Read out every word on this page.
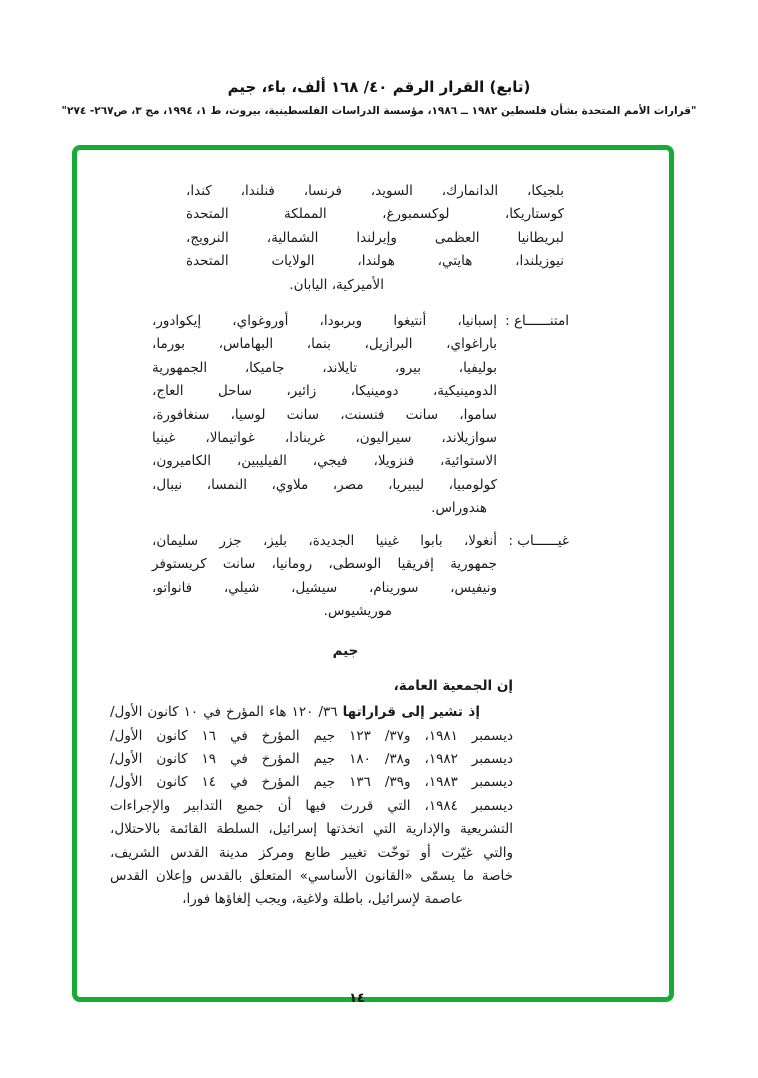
(تابع) القرار الرقم ٤٠/ ١٦٨ ألف، باء، جيم
"قرارات الأمم المتحدة بشأن فلسطين ١٩٨٢ ــ ١٩٨٦، مؤسسة الدراسات الفلسطينية، بيروت، ط ١، ١٩٩٤، مج ٣، ص٢٦٧- ٢٧٤"
بلجيكا، الدانمارك، السويد، فرنسا، فنلندا، كندا،
كوستاريكا، لوكسمبورغ، المملكة المتحدة
لبريطانيا العظمى وإيرلندا الشمالية، النرويج،
نيوزيلندا، هايتي، هولندا، الولايات المتحدة
الأميركية، اليابان.
امتنــــــاع :
إسبانيا، أنتيغوا وبربودا، أوروغواي، إيكوادور،
باراغواي، البرازيل، بنما، البهاماس، بورما،
بوليفيا، بيرو، تايلاند، جاميكا، الجمهورية
الدومينيكية، دومينيكا، زائير، ساحل العاج،
ساموا، سانت فنسنت، سانت لوسيا، سنغافورة،
سوازيلاند، سيراليون، غرينادا، غواتيمالا، غينيا
الاستوائية، فنزويلا، فيجي، الفيليبين، الكاميرون،
كولومبيا، ليبيريا، مصر، ملاوي، النمسا، نيبال،
هندوراس.
غيــــــاب :
أنغولا، بابوا غينيا الجديدة، بليز، جزر سليمان،
جمهورية إفريقيا الوسطى، رومانيا، سانت كريستوفر
ونيفيس، سورينام، سيشيل، شيلي، فانواتو،
موريشيوس.
جيم
إن الجمعية العامة،
إذ تشير إلى قراراتها ٣٦/ ١٢٠ هاء المؤرخ في ١٠ كانون الأول/
ديسمبر ١٩٨١، و٣٧/ ١٢٣ جيم المؤرخ في ١٦ كانون الأول/
ديسمبر ١٩٨٢، و٣٨/ ١٨٠ جيم المؤرخ في ١٩ كانون الأول/
ديسمبر ١٩٨٣، و٣٩/ ١٣٦ جيم المؤرخ في ١٤ كانون الأول/
ديسمبر ١٩٨٤، التي قررت فيها أن جميع التدابير والإجراءات
التشريعية والإدارية التي اتخذتها إسرائيل، السلطة القائمة بالاحتلال،
والتي غيّرت أو توخّت تغيير طابع ومركز مدينة القدس الشريف،
خاصة ما يسمّى «القانون الأساسي» المتعلق بالقدس وإعلان القدس
عاصمة لإسرائيل، باطلة ولاغية، ويجب إلغاؤها فورا،
١٤
